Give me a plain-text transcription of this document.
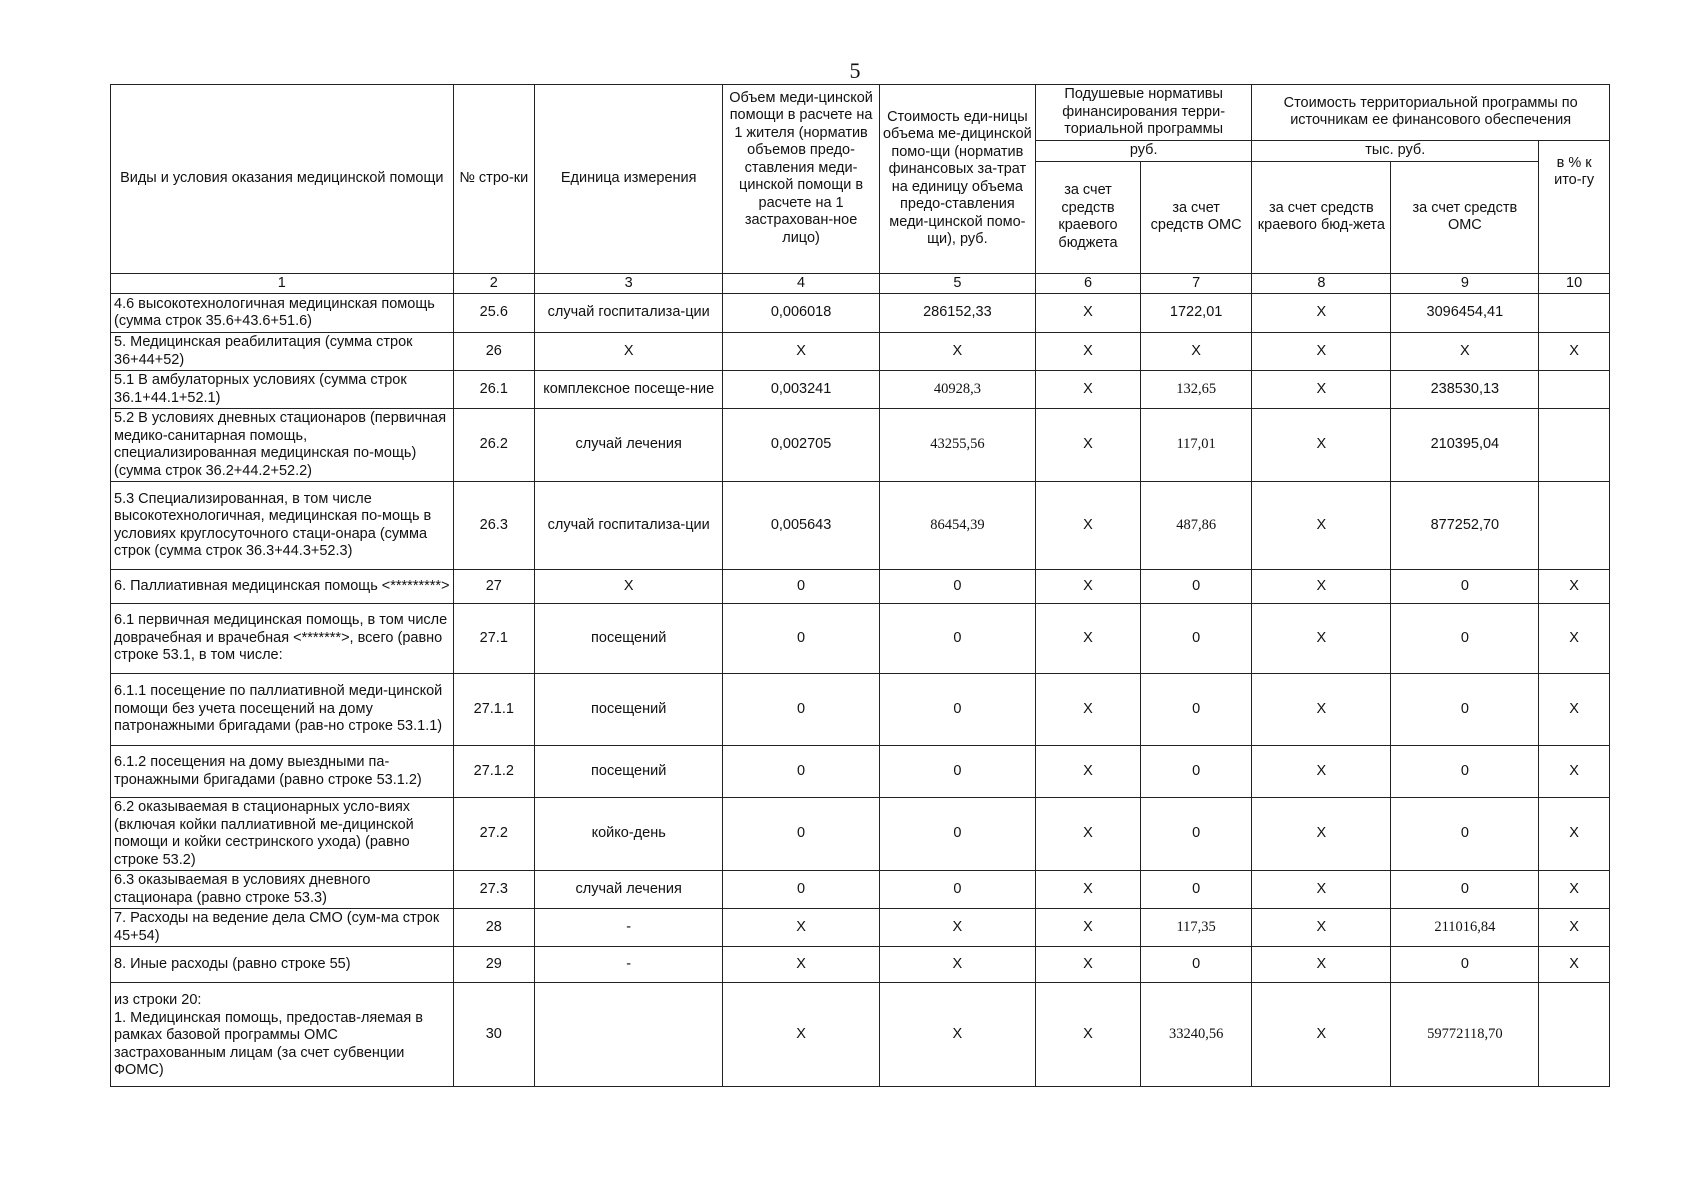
5
Виды и условия оказания медицинской помощи	№ стро-ки	Единица измерения	Объем меди-цинской помощи в расчете на 1 жителя (норматив объемов предо-ставления меди-цинской помощи в расчете на 1 застрахован-ное лицо)	Стоимость еди-ницы объема ме-дицинской помо-щи (норматив финансовых за-трат на единицу объема предо-ставления меди-цинской помо-щи), руб.	Подушевые нормативы финансирования терри-ториальной программы		Стоимость территориальной программы по источникам ее финансового обеспечения		
					руб.		тыс. руб.		в % к ито-гу
					за счет средств краевого бюджета	за счет средств ОМС	за счет средств краевого бюд-жета	за счет средств ОМС	
1	2	3	4	5	6	7	8	9	10
4.6 высокотехнологичная медицинская помощь (сумма строк 35.6+43.6+51.6)	25.6	случай госпитализа-ции	0,006018	286152,33	X	1722,01	X	3096454,41	
5. Медицинская реабилитация (сумма строк 36+44+52)	26	X	X	X	X	X	X	X	X
5.1 В амбулаторных условиях (сумма строк 36.1+44.1+52.1)	26.1	комплексное посеще-ние	0,003241	40928,3	X	132,65	X	238530,13	
5.2 В условиях дневных стационаров (первичная медико-санитарная помощь, специализированная медицинская по-мощь) (сумма строк 36.2+44.2+52.2)	26.2	случай лечения	0,002705	43255,56	X	117,01	X	210395,04	
5.3 Специализированная, в том числе высокотехнологичная, медицинская по-мощь в условиях круглосуточного стаци-онара (сумма строк (сумма строк 36.3+44.3+52.3)	26.3	случай госпитализа-ции	0,005643	86454,39	X	487,86	X	877252,70	
6. Паллиативная медицинская помощь <*********>	27	X	0	0	X	0	X	0	X
6.1 первичная медицинская помощь, в том числе доврачебная и врачебная <*******>, всего (равно строке 53.1, в том числе:	27.1	посещений	0	0	X	0	X	0	X
6.1.1 посещение по паллиативной меди-цинской помощи без учета посещений на дому патронажными бригадами (рав-но строке 53.1.1)	27.1.1	посещений	0	0	X	0	X	0	X
6.1.2 посещения на дому выездными па-тронажными бригадами (равно строке 53.1.2)	27.1.2	посещений	0	0	X	0	X	0	X
6.2 оказываемая в стационарных усло-виях (включая койки паллиативной ме-дицинской помощи и койки сестринского ухода) (равно строке 53.2)	27.2	койко-день	0	0	X	0	X	0	X
6.3 оказываемая в условиях дневного стационара (равно строке 53.3)	27.3	случай лечения	0	0	X	0	X	0	X
7. Расходы на ведение дела СМО (сум-ма строк 45+54)	28	-	X	X	X	117,35	X	211016,84	X
8. Иные расходы (равно строке 55)	29	-	X	X	X	0	X	0	X
из строки 20:
1. Медицинская помощь, предостав-ляемая в рамках базовой программы ОМС застрахованным лицам (за счет субвенции ФОМС)	30		X	X	X	33240,56	X	59772118,70	
